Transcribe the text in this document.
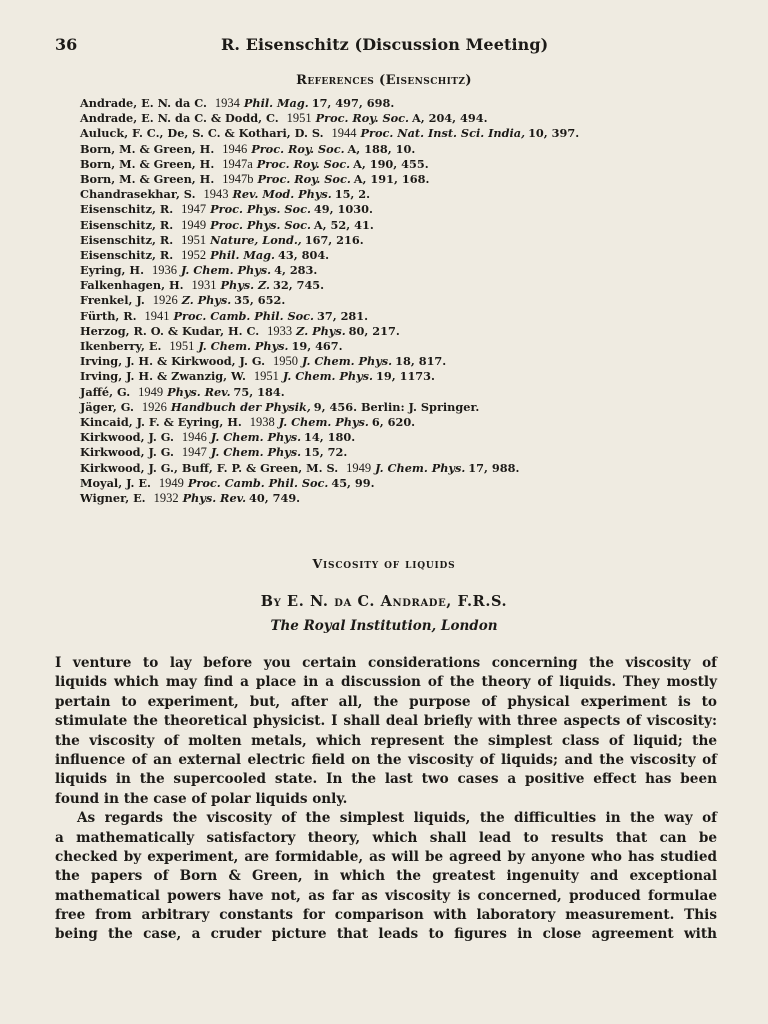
36	R. Eisenschitz (Discussion Meeting)
References (Eisenschitz)
Andrade, E. N. da C. 1934 Phil. Mag. 17, 497, 698.
Andrade, E. N. da C. & Dodd, C. 1951 Proc. Roy. Soc. A, 204, 494.
Auluck, F. C., De, S. C. & Kothari, D. S. 1944 Proc. Nat. Inst. Sci. India, 10, 397.
Born, M. & Green, H. 1946 Proc. Roy. Soc. A, 188, 10.
Born, M. & Green, H. 1947a Proc. Roy. Soc. A, 190, 455.
Born, M. & Green, H. 1947b Proc. Roy. Soc. A, 191, 168.
Chandrasekhar, S. 1943 Rev. Mod. Phys. 15, 2.
Eisenschitz, R. 1947 Proc. Phys. Soc. 49, 1030.
Eisenschitz, R. 1949 Proc. Phys. Soc. A, 52, 41.
Eisenschitz, R. 1951 Nature, Lond., 167, 216.
Eisenschitz, R. 1952 Phil. Mag. 43, 804.
Eyring, H. 1936 J. Chem. Phys. 4, 283.
Falkenhagen, H. 1931 Phys. Z. 32, 745.
Frenkel, J. 1926 Z. Phys. 35, 652.
Fürth, R. 1941 Proc. Camb. Phil. Soc. 37, 281.
Herzog, R. O. & Kudar, H. C. 1933 Z. Phys. 80, 217.
Ikenberry, E. 1951 J. Chem. Phys. 19, 467.
Irving, J. H. & Kirkwood, J. G. 1950 J. Chem. Phys. 18, 817.
Irving, J. H. & Zwanzig, W. 1951 J. Chem. Phys. 19, 1173.
Jaffé, G. 1949 Phys. Rev. 75, 184.
Jäger, G. 1926 Handbuch der Physik, 9, 456. Berlin: J. Springer.
Kincaid, J. F. & Eyring, H. 1938 J. Chem. Phys. 6, 620.
Kirkwood, J. G. 1946 J. Chem. Phys. 14, 180.
Kirkwood, J. G. 1947 J. Chem. Phys. 15, 72.
Kirkwood, J. G., Buff, F. P. & Green, M. S. 1949 J. Chem. Phys. 17, 988.
Moyal, J. E. 1949 Proc. Camb. Phil. Soc. 45, 99.
Wigner, E. 1932 Phys. Rev. 40, 749.
Viscosity of liquids
By E. N. da C. Andrade, F.R.S.
The Royal Institution, London

I venture to lay before you certain considerations concerning the viscosity of
liquids which may find a place in a discussion of the theory of liquids. They mostly
pertain to experiment, but, after all, the purpose of physical experiment is to
stimulate the theoretical physicist. I shall deal briefly with three aspects of viscosity:
the viscosity of molten metals, which represent the simplest class of liquid; the
influence of an external electric field on the viscosity of liquids; and the viscosity of
liquids in the supercooled state. In the last two cases a positive effect has been
found in the case of polar liquids only.

As regards the viscosity of the simplest liquids, the difficulties in the way of
a mathematically satisfactory theory, which shall lead to results that can be
checked by experiment, are formidable, as will be agreed by anyone who has studied
the papers of Born & Green, in which the greatest ingenuity and exceptional
mathematical powers have not, as far as viscosity is concerned, produced formulae
free from arbitrary constants for comparison with laboratory measurement. This
being the case, a cruder picture that leads to figures in close agreement with
